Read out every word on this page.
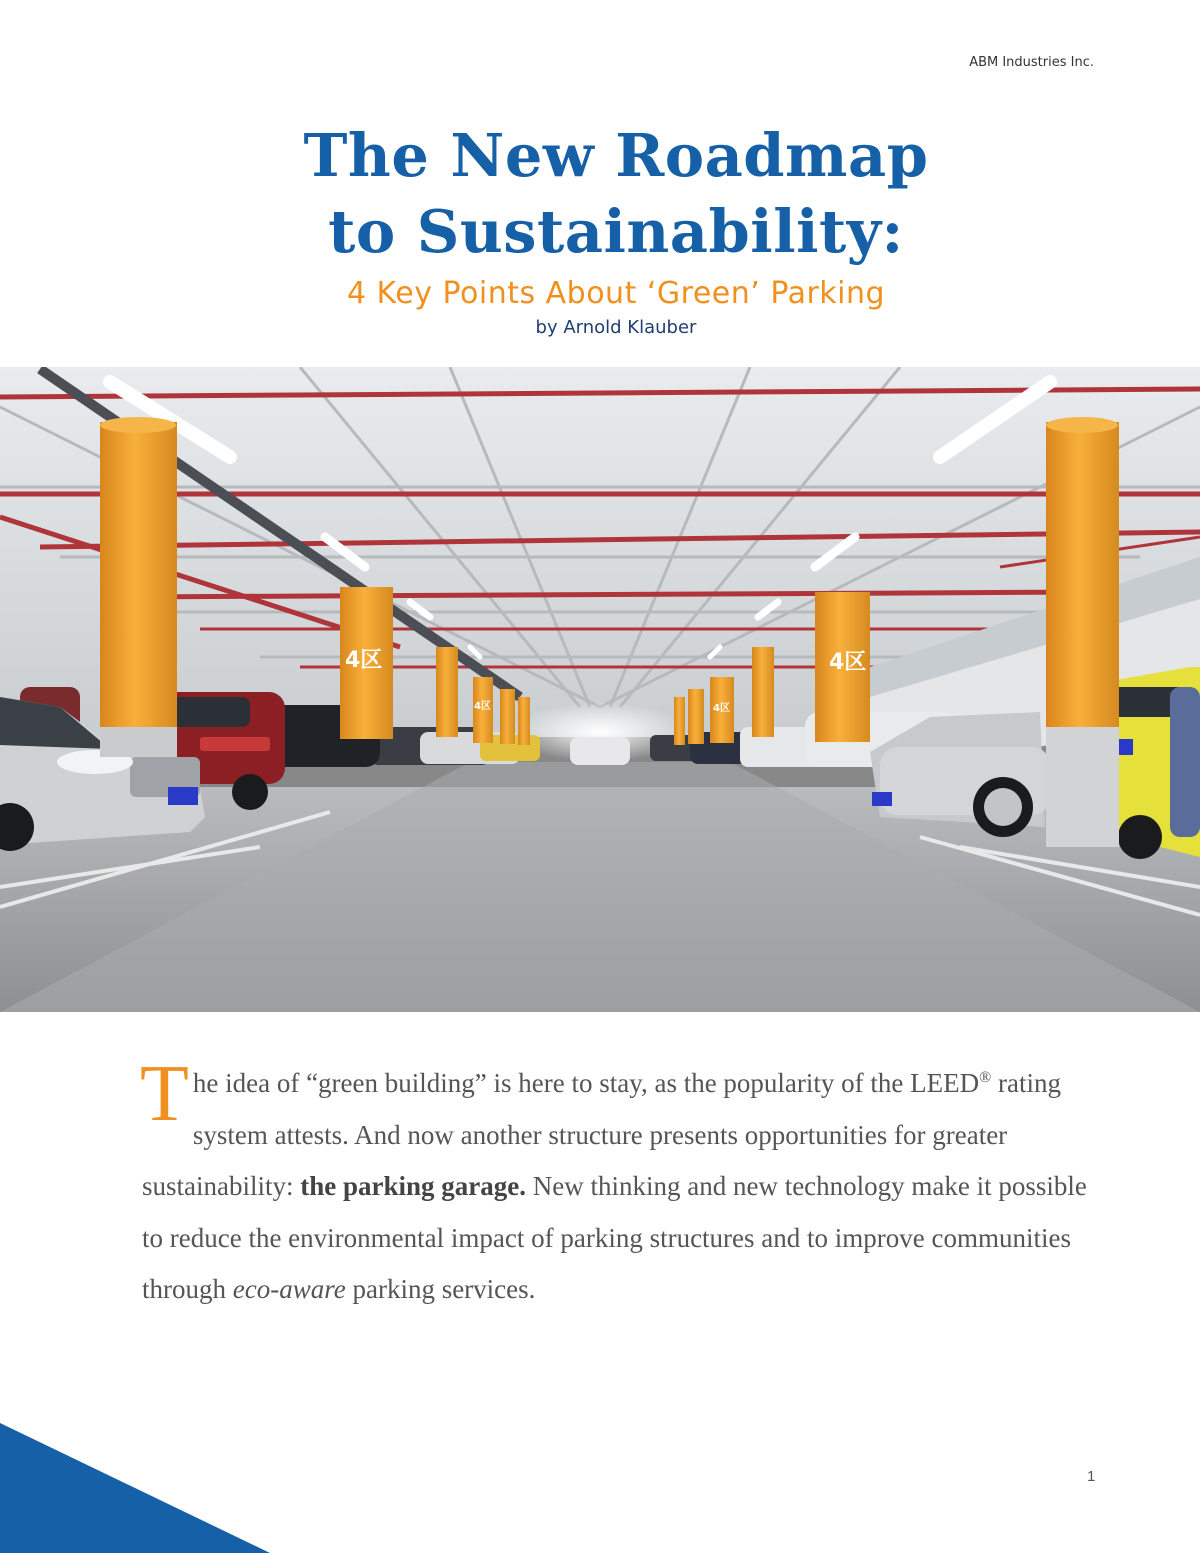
ABM Industries Inc.
The New Roadmap
to Sustainability:
4 Key Points About ‘Green’ Parking
by Arnold Klauber
4区	4区
4区	4区

The idea of “green building” is here to stay, as the popularity of the LEED® rating system attests. And now another structure presents opportunities for greater sustainability: the parking garage. New thinking and new technology make it possible to reduce the environmental impact of parking structures and to improve communities through eco-aware parking services.

1
